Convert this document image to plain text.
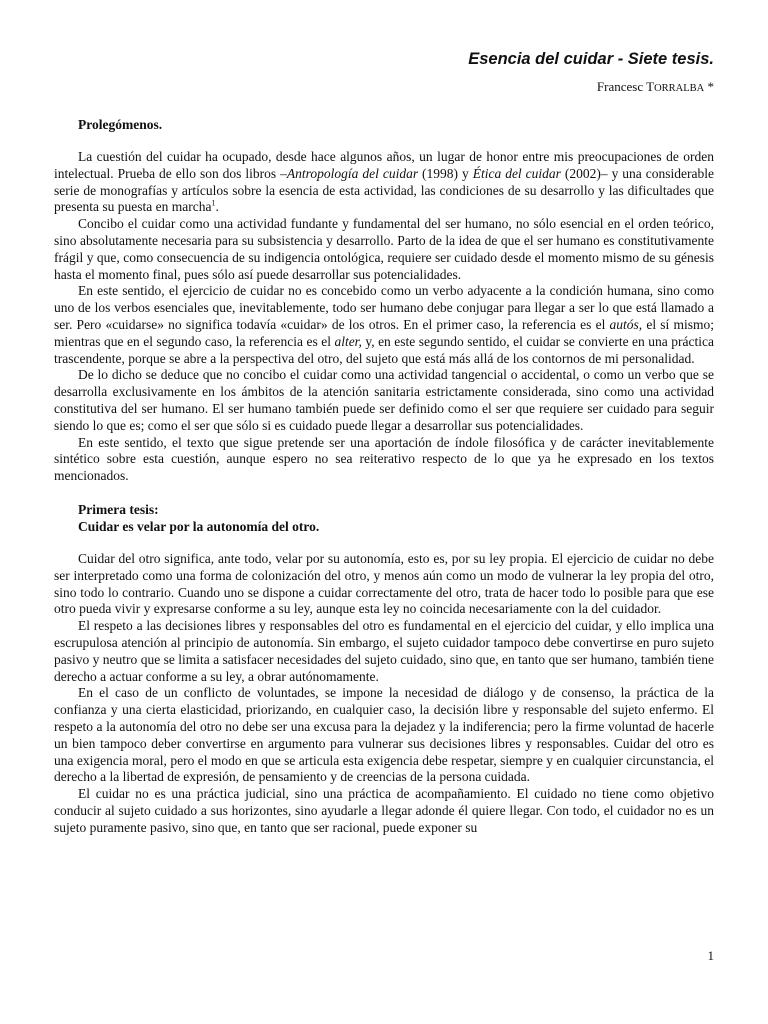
Esencia del cuidar - Siete tesis.
Francesc TORRALBA *
Prolegómenos.

La cuestión del cuidar ha ocupado, desde hace algunos años, un lugar de honor entre mis preocupaciones de orden intelectual. Prueba de ello son dos libros –Antropología del cuidar (1998) y Ética del cuidar (2002)– y una considerable serie de monografías y artículos sobre la esencia de esta actividad, las condiciones de su desarrollo y las dificultades que presenta su puesta en marcha$^1$.

Concibo el cuidar como una actividad fundante y fundamental del ser humano, no sólo esencial en el orden teórico, sino absolutamente necesaria para su subsistencia y desarrollo. Parto de la idea de que el ser humano es constitutivamente frágil y que, como consecuencia de su indigencia ontológica, requiere ser cuidado desde el momento mismo de su génesis hasta el momento final, pues sólo así puede desarrollar sus potencialidades.

En este sentido, el ejercicio de cuidar no es concebido como un verbo adyacente a la condición humana, sino como uno de los verbos esenciales que, inevitablemente, todo ser humano debe conjugar para llegar a ser lo que está llamado a ser. Pero «cuidarse» no significa todavía «cuidar» de los otros. En el primer caso, la referencia es el autós, el sí mismo; mientras que en el segundo caso, la referencia es el alter, y, en este segundo sentido, el cuidar se convierte en una práctica trascendente, porque se abre a la perspectiva del otro, del sujeto que está más allá de los contornos de mi personalidad.

De lo dicho se deduce que no concibo el cuidar como una actividad tangencial o accidental, o como un verbo que se desarrolla exclusivamente en los ámbitos de la atención sanitaria estrictamente considerada, sino como una actividad constitutiva del ser humano. El ser humano también puede ser definido como el ser que requiere ser cuidado para seguir siendo lo que es; como el ser que sólo si es cuidado puede llegar a desarrollar sus potencialidades.

En este sentido, el texto que sigue pretende ser una aportación de índole filosófica y de carácter inevitablemente sintético sobre esta cuestión, aunque espero no sea reiterativo respecto de lo que ya he expresado en los textos mencionados.

Primera tesis:
Cuidar es velar por la autonomía del otro.

Cuidar del otro significa, ante todo, velar por su autonomía, esto es, por su ley propia. El ejercicio de cuidar no debe ser interpretado como una forma de colonización del otro, y menos aún como un modo de vulnerar la ley propia del otro, sino todo lo contrario. Cuando uno se dispone a cuidar correctamente del otro, trata de hacer todo lo posible para que ese otro pueda vivir y expresarse conforme a su ley, aunque esta ley no coincida necesariamente con la del cuidador.

El respeto a las decisiones libres y responsables del otro es fundamental en el ejercicio del cuidar, y ello implica una escrupulosa atención al principio de autonomía. Sin embargo, el sujeto cuidador tampoco debe convertirse en puro sujeto pasivo y neutro que se limita a satisfacer necesidades del sujeto cuidado, sino que, en tanto que ser humano, también tiene derecho a actuar conforme a su ley, a obrar autónomamente.

En el caso de un conflicto de voluntades, se impone la necesidad de diálogo y de consenso, la práctica de la confianza y una cierta elasticidad, priorizando, en cualquier caso, la decisión libre y responsable del sujeto enfermo. El respeto a la autonomía del otro no debe ser una excusa para la dejadez y la indiferencia; pero la firme voluntad de hacerle un bien tampoco deber convertirse en argumento para vulnerar sus decisiones libres y responsables. Cuidar del otro es una exigencia moral, pero el modo en que se articula esta exigencia debe respetar, siempre y en cualquier circunstancia, el derecho a la libertad de expresión, de pensamiento y de creencias de la persona cuidada.

El cuidar no es una práctica judicial, sino una práctica de acompañamiento. El cuidado no tiene como objetivo conducir al sujeto cuidado a sus horizontes, sino ayudarle a llegar adonde él quiere llegar. Con todo, el cuidador no es un sujeto puramente pasivo, sino que, en tanto que ser racional, puede exponer su

1
